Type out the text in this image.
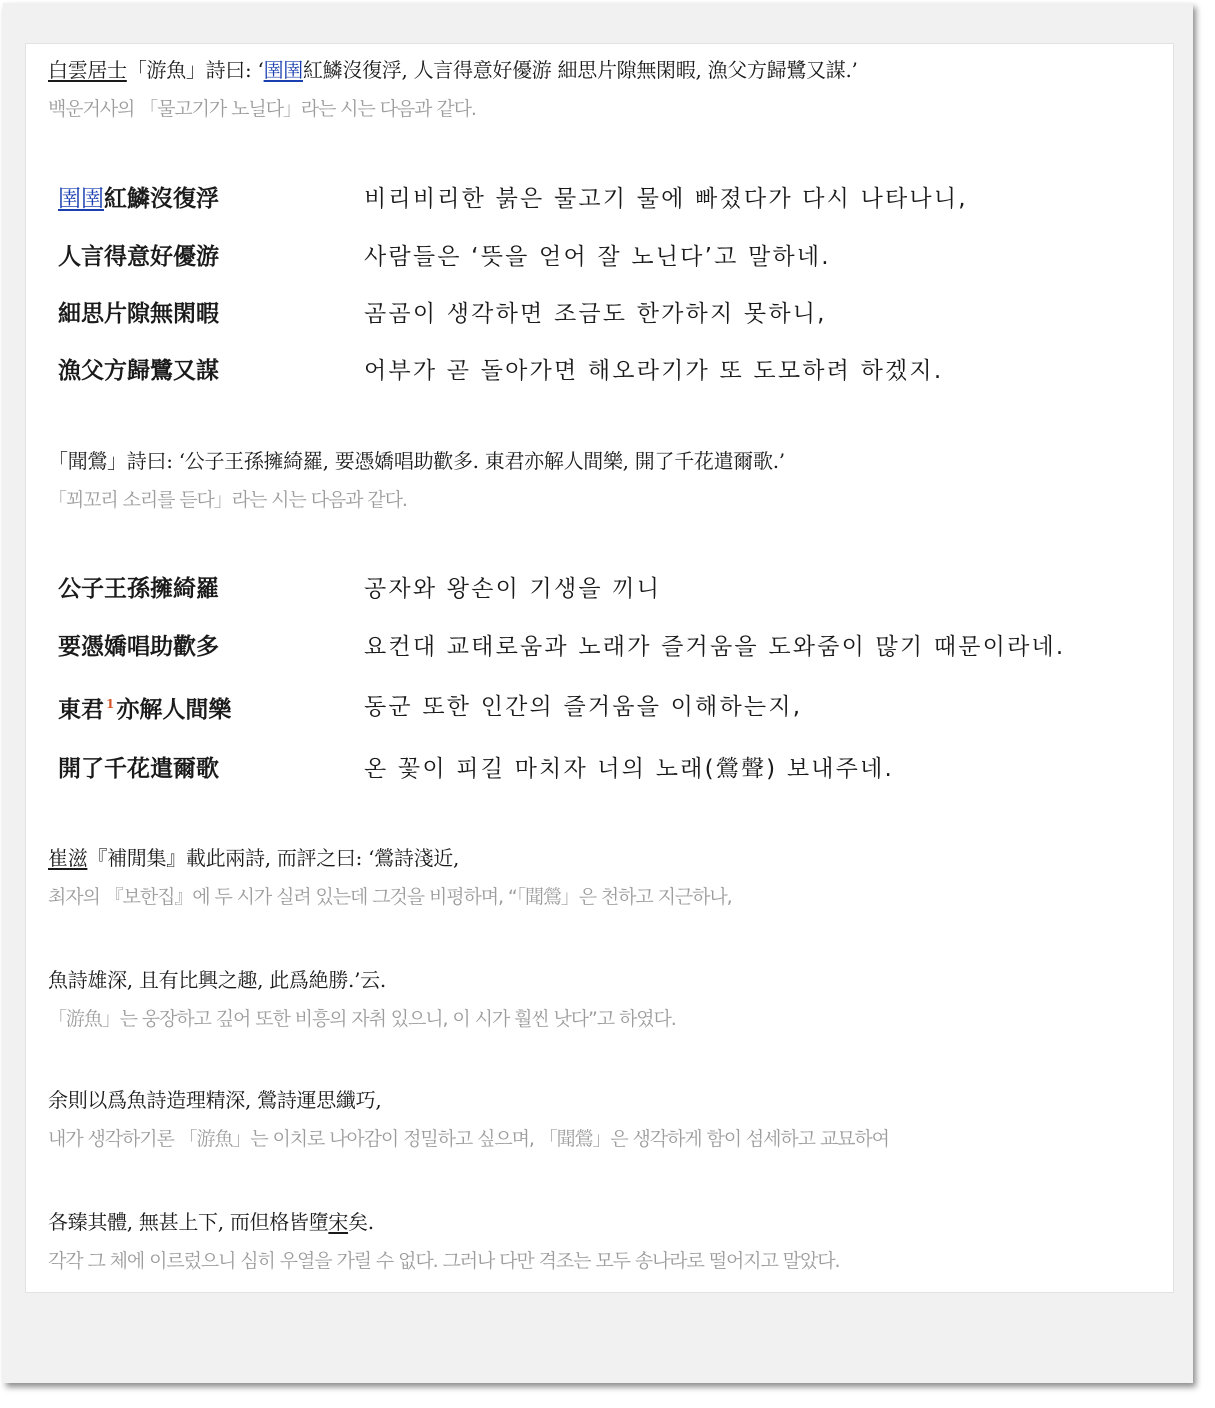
白雲居士「游魚」詩曰: ‘圉圉紅鱗沒復浮, 人言得意好優游 細思片隙無閑暇, 漁父方歸鷺又謀.’
백운거사의 「물고기가 노닐다」라는 시는 다음과 같다.
圉圉紅鱗沒復浮	비리비리한 붉은 물고기 물에 빠졌다가 다시 나타나니,
人言得意好優游	사람들은 ‘뜻을 얻어 잘 노닌다’고 말하네.
細思片隙無閑暇	곰곰이 생각하면 조금도 한가하지 못하니,
漁父方歸鷺又謀	어부가 곧 돌아가면 해오라기가 또 도모하려 하겠지.
「聞鶯」詩曰: ‘公子王孫擁綺羅, 要憑嬌唱助歡多. 東君亦解人間樂, 開了千花遣爾歌.’
「꾀꼬리 소리를 듣다」라는 시는 다음과 같다.
公子王孫擁綺羅	공자와 왕손이 기생을 끼니
要憑嬌唱助歡多	요컨대 교태로움과 노래가 즐거움을 도와줌이 많기 때문이라네.
東君 $^1$亦解人間樂	동군 또한 인간의 즐거움을 이해하는지,
開了千花遣爾歌	온 꽃이 피길 마치자 너의 노래(鶯聲) 보내주네.
崔滋『補閒集』載此兩詩, 而評之曰: ‘鶯詩淺近,
최자의 『보한집』에 두 시가 실려 있는데 그것을 비평하며, “「聞鶯」은 천하고 지근하나,
魚詩雄深, 且有比興之趣, 此爲絶勝.’云.
「游魚」는 웅장하고 깊어 또한 비흥의 자취 있으니, 이 시가 훨씬 낫다”고 하였다.
余則以爲魚詩造理精深, 鶯詩運思纖巧,
내가 생각하기론 「游魚」는 이치로 나아감이 정밀하고 싶으며, 「聞鶯」은 생각하게 함이 섬세하고 교묘하여
各臻其體, 無甚上下, 而但格皆墮宋矣.
각각 그 체에 이르렀으니 심히 우열을 가릴 수 없다. 그러나 다만 격조는 모두 송나라로 떨어지고 말았다.
